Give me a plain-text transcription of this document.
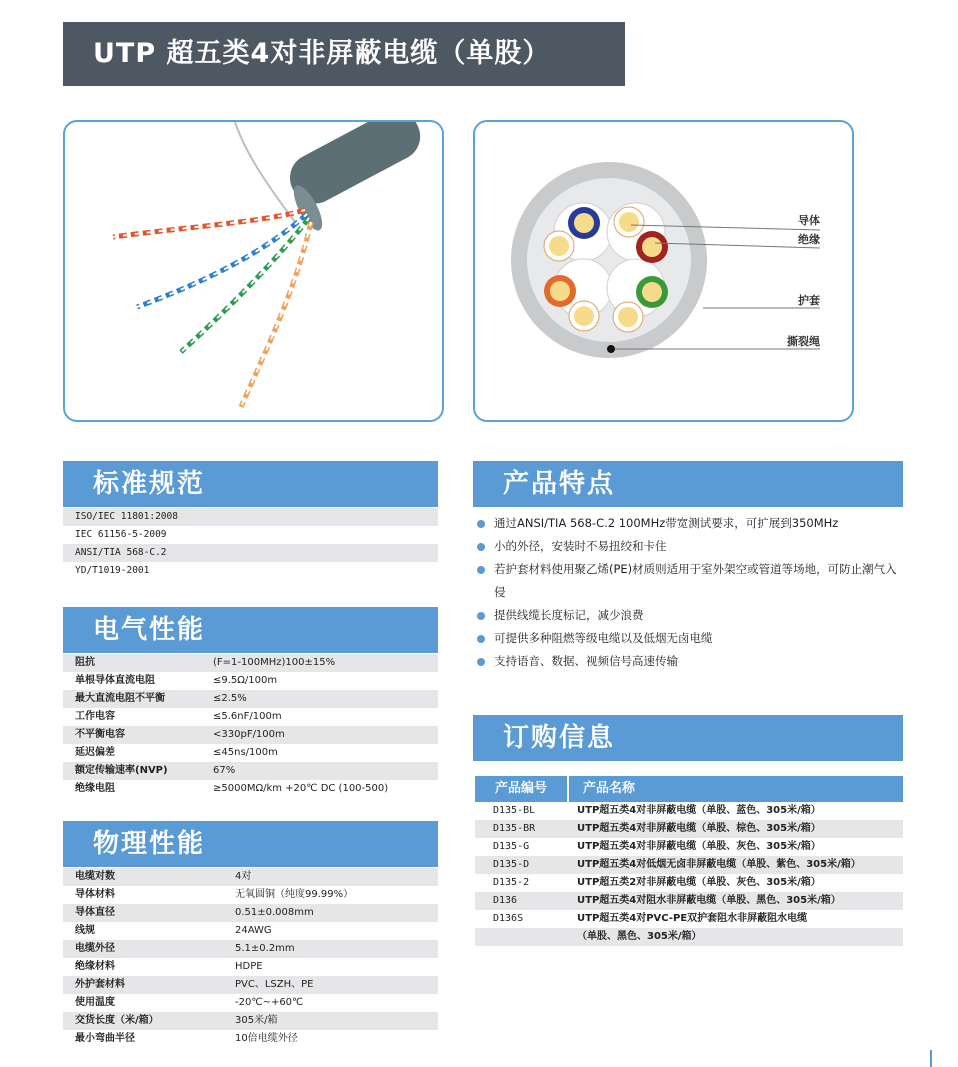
UTP 超五类4对非屏蔽电缆（单股）
导体
绝缘
护套
撕裂绳
标准规范
ISO/IEC 11801:2008
IEC 61156-5-2009
ANSI/TIA 568-C.2
YD/T1019-2001
电气性能
阻抗	(F=1-100MHz)100±15%
单根导体直流电阻	≤9.5Ω/100m
最大直流电阻不平衡	≤2.5%
工作电容	≤5.6nF/100m
不平衡电容	<330pF/100m
延迟偏差	≤45ns/100m
额定传输速率(NVP)	67%
绝缘电阻	≥5000MΩ/km +20℃ DC (100-500)
物理性能
电缆对数	4对
导体材料	无氧圆铜（纯度99.99%）
导体直径	0.51±0.008mm
线规	24AWG
电缆外径	5.1±0.2mm
绝缘材料	HDPE
外护套材料	PVC、LSZH、PE
使用温度	-20℃~+60℃
交货长度（米/箱）	305米/箱
最小弯曲半径	10倍电缆外径
产品特点
通过ANSI/TIA 568-C.2 100MHz带宽测试要求，可扩展到350MHz
小的外径，安装时不易扭绞和卡住
若护套材料使用聚乙烯(PE)材质则适用于室外架空或管道等场地，可防止潮气入侵
提供线缆长度标记，减少浪费
可提供多种阻燃等级电缆以及低烟无卤电缆
支持语音、数据、视频信号高速传输
订购信息
产品编号	产品名称
D135-BL	UTP超五类4对非屏蔽电缆（单股、蓝色、305米/箱）
D135-BR	UTP超五类4对非屏蔽电缆（单股、棕色、305米/箱）
D135-G	UTP超五类4对非屏蔽电缆（单股、灰色、305米/箱）
D135-D	UTP超五类4对低烟无卤非屏蔽电缆（单股、紫色、305米/箱）
D135-2	UTP超五类2对非屏蔽电缆（单股、灰色、305米/箱）
D136	UTP超五类4对阻水非屏蔽电缆（单股、黑色、305米/箱）
D136S	UTP超五类4对PVC-PE双护套阻水非屏蔽阻水电缆
（单股、黑色、305米/箱）
